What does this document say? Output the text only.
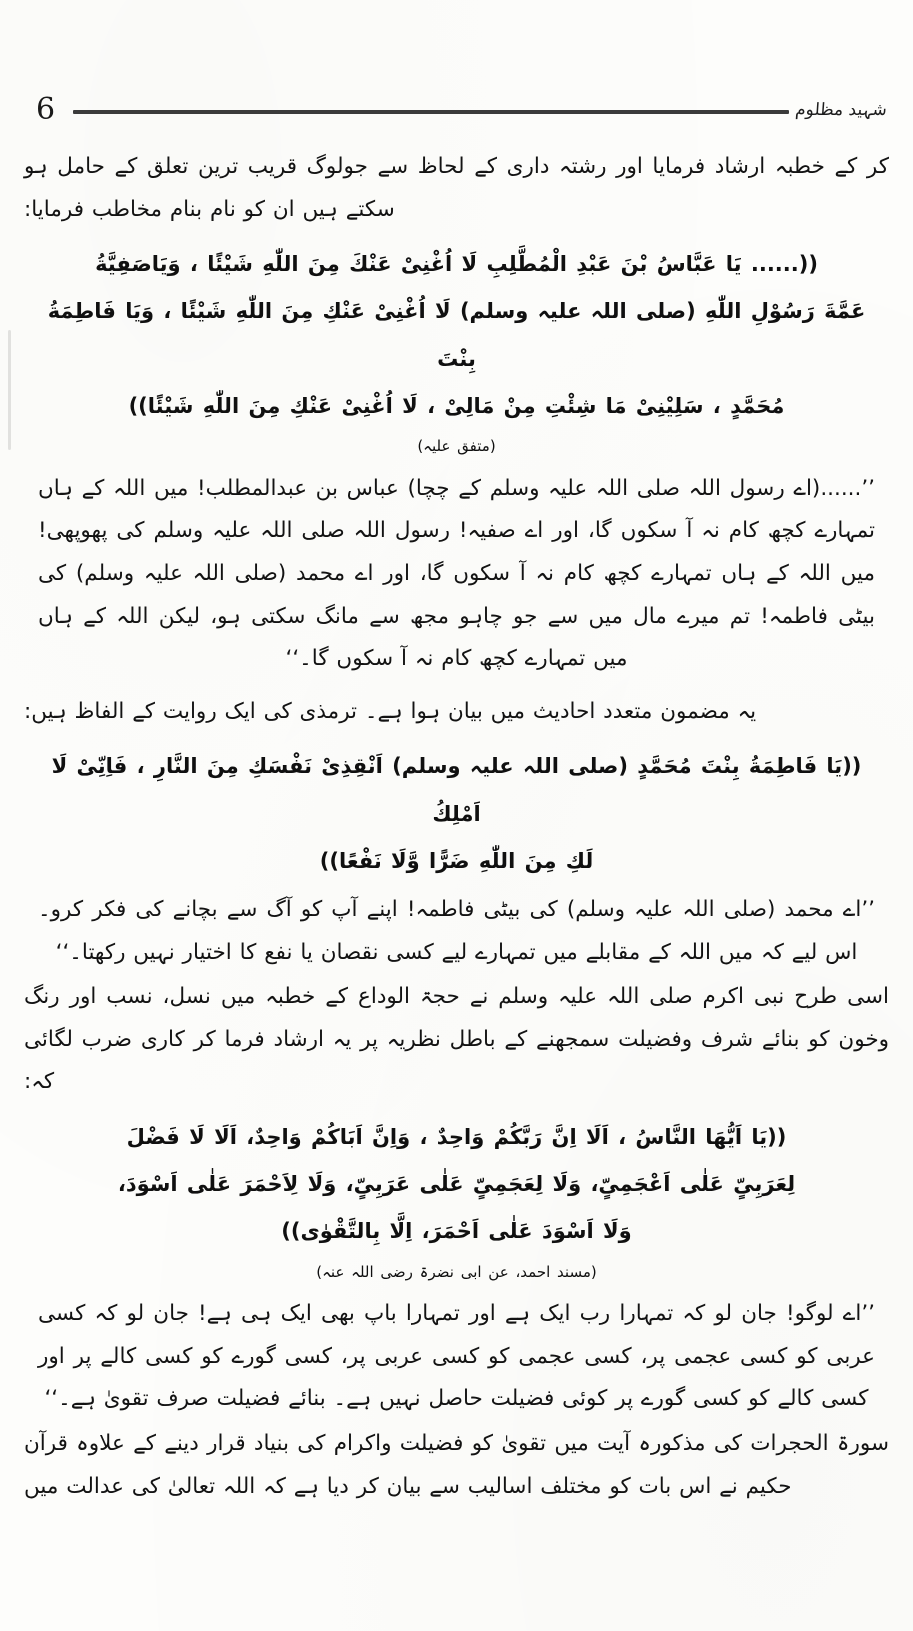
6	شہید مظلوم

کر کے خطبہ ارشاد فرمایا اور رشتہ داری کے لحاظ سے جولوگ قریب ترین تعلق کے حامل ہو سکتے ہیں ان کو نام بنام مخاطب فرمایا:

((...... يَا عَبَّاسُ بْنَ عَبْدِ الْمُطَّلِبِ لَا اُغْنِىْ عَنْكَ مِنَ اللّٰهِ شَيْئًا ، وَيَاصَفِيَّةُ
عَمَّةَ رَسُوْلِ اللّٰهِ (صلی اللہ علیہ وسلم) لَا اُغْنِىْ عَنْكِ مِنَ اللّٰهِ شَيْئًا ، وَيَا فَاطِمَةُ بِنْتَ
مُحَمَّدٍ ، سَلِيْنِىْ مَا شِئْتِ مِنْ مَالِىْ ، لَا اُغْنِىْ عَنْكِ مِنَ اللّٰهِ شَيْئًا))
(متفق علیہ)

’’......(اے رسول اللہ صلی اللہ علیہ وسلم کے چچا) عباس بن عبدالمطلب! میں اللہ کے ہاں تمہارے کچھ کام نہ آ سکوں گا، اور اے صفیہ! رسول اللہ صلی اللہ علیہ وسلم کی پھوپھی! میں اللہ کے ہاں تمہارے کچھ کام نہ آ سکوں گا، اور اے محمد (صلی اللہ علیہ وسلم) کی بیٹی فاطمہ! تم میرے مال میں سے جو چاہو مجھ سے مانگ سکتی ہو، لیکن اللہ کے ہاں میں تمہارے کچھ کام نہ آ سکوں گا۔‘‘

یہ مضمون متعدد احادیث میں بیان ہوا ہے۔ ترمذی کی ایک روایت کے الفاظ ہیں:

((يَا فَاطِمَةُ بِنْتَ مُحَمَّدٍ (صلی اللہ علیہ وسلم) اَنْقِذِىْ نَفْسَكِ مِنَ النَّارِ ، فَاِنِّىْ لَا اَمْلِكُ
لَكِ مِنَ اللّٰهِ ضَرًّا وَّلَا نَفْعًا))

’’اے محمد (صلی اللہ علیہ وسلم) کی بیٹی فاطمہ! اپنے آپ کو آگ سے بچانے کی فکر کرو۔ اس لیے کہ میں اللہ کے مقابلے میں تمہارے لیے کسی نقصان یا نفع کا اختیار نہیں رکھتا۔‘‘

اسی طرح نبی اکرم صلی اللہ علیہ وسلم نے حجۃ الوداع کے خطبہ میں نسل، نسب اور رنگ وخون کو بنائے شرف وفضیلت سمجھنے کے باطل نظریہ پر یہ ارشاد فرما کر کاری ضرب لگائی کہ:

((يَا اَيُّهَا النَّاسُ ، اَلَا اِنَّ رَبَّكُمْ وَاحِدٌ ، وَاِنَّ اَبَاكُمْ وَاحِدٌ، اَلَا لَا فَضْلَ
لِعَرَبِىٍّ عَلٰى اَعْجَمِىٍّ، وَلَا لِعَجَمِىٍّ عَلٰى عَرَبِىٍّ، وَلَا لِاَحْمَرَ عَلٰى اَسْوَدَ،
وَلَا اَسْوَدَ عَلٰى اَحْمَرَ، اِلَّا بِالتَّقْوٰى))
(مسند احمد، عن ابی نضرۃ رضی اللہ عنہ)

’’اے لوگو! جان لو کہ تمہارا رب ایک ہے اور تمہارا باپ بھی ایک ہی ہے! جان لو کہ کسی عربی کو کسی عجمی پر، کسی عجمی کو کسی عربی پر، کسی گورے کو کسی کالے پر اور کسی کالے کو کسی گورے پر کوئی فضیلت حاصل نہیں ہے۔ بنائے فضیلت صرف تقویٰ ہے۔‘‘

سورۃ الحجرات کی مذکورہ آیت میں تقویٰ کو فضیلت واکرام کی بنیاد قرار دینے کے علاوہ قرآن حکیم نے اس بات کو مختلف اسالیب سے بیان کر دیا ہے کہ اللہ تعالیٰ کی عدالت میں
